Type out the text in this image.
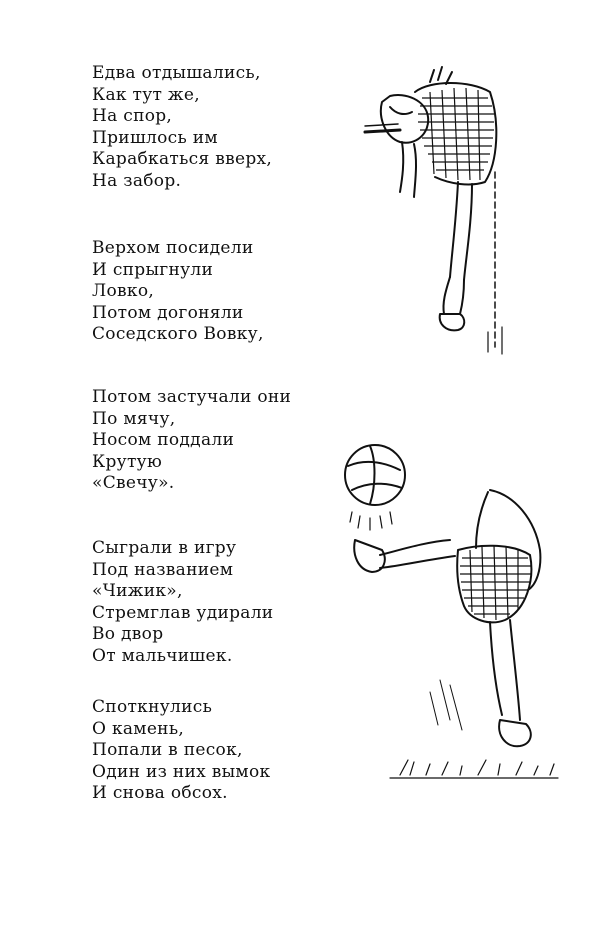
Едва отдышались,
Как тут же,
На спор,
Пришлось им
Карабкаться вверх,
На забор.
Верхом посидели
И спрыгнули
Ловко,
Потом догоняли
Соседского Вовку,
Потом застучали они
По мячу,
Носом поддали
Крутую
«Свечу».
Сыграли в игру
Под названием
«Чижик»,
Стремглав удирали
Во двор
От мальчишек.
Споткнулись
О камень,
Попали в песок,
Один из них вымок
И снова обсох.
